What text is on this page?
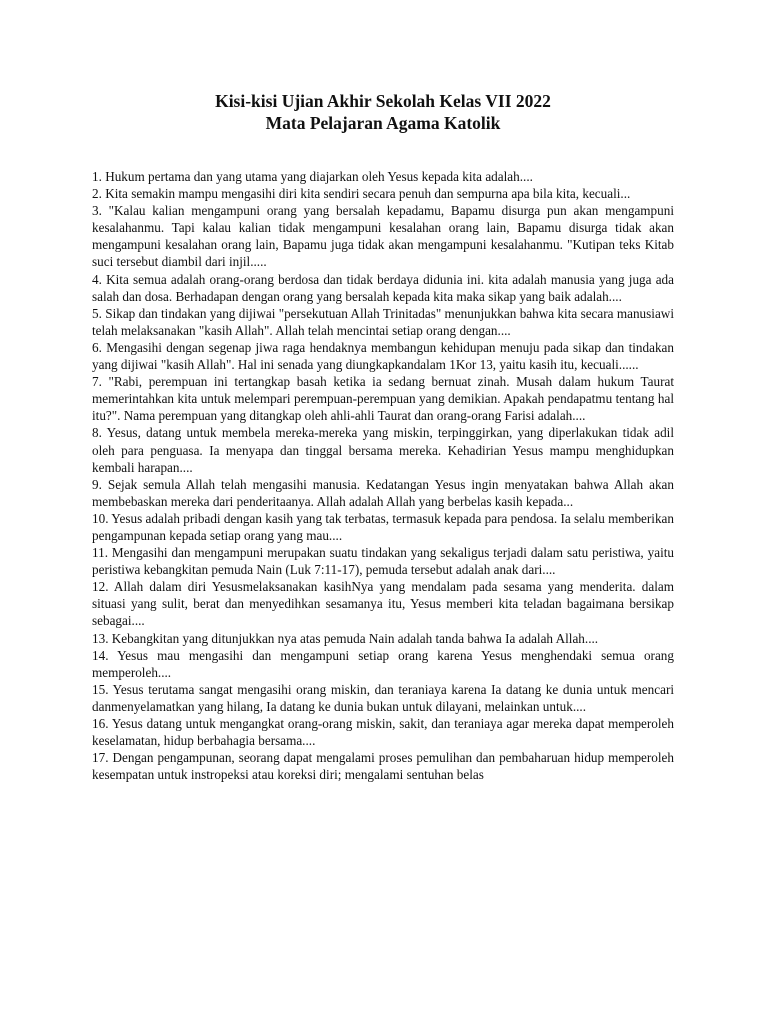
Kisi-kisi Ujian Akhir Sekolah Kelas VII 2022

Mata Pelajaran Agama Katolik

1. Hukum pertama dan yang utama yang diajarkan oleh Yesus kepada kita adalah....

2. Kita semakin mampu mengasihi diri kita sendiri secara penuh dan sempurna apa bila kita, kecuali...

3. "Kalau kalian mengampuni orang yang bersalah kepadamu, Bapamu disurga pun akan mengampuni kesalahanmu. Tapi kalau kalian tidak mengampuni kesalahan orang lain, Bapamu disurga tidak akan mengampuni kesalahan orang lain, Bapamu juga tidak akan mengampuni kesalahanmu. "Kutipan teks Kitab suci tersebut diambil dari injil.....

4. Kita semua adalah orang-orang berdosa dan tidak berdaya didunia ini. kita adalah manusia yang juga ada salah dan dosa. Berhadapan dengan orang yang bersalah kepada kita maka sikap yang baik adalah....

5. Sikap dan tindakan yang dijiwai "persekutuan Allah Trinitadas" menunjukkan bahwa kita secara manusiawi telah melaksanakan "kasih Allah". Allah telah mencintai setiap orang dengan....

6. Mengasihi dengan segenap jiwa raga hendaknya membangun kehidupan menuju pada sikap dan tindakan yang dijiwai "kasih Allah". Hal ini senada yang diungkapkandalam 1Kor 13, yaitu kasih itu, kecuali......

7. "Rabi, perempuan ini tertangkap basah ketika ia sedang bernuat zinah. Musah dalam hukum Taurat memerintahkan kita untuk melempari perempuan-perempuan yang demikian. Apakah pendapatmu tentang hal itu?". Nama perempuan yang ditangkap oleh ahli-ahli Taurat dan orang-orang Farisi adalah....

8. Yesus, datang untuk membela mereka-mereka yang miskin, terpinggirkan, yang diperlakukan tidak adil oleh para penguasa. Ia menyapa dan tinggal bersama mereka. Kehadirian Yesus mampu menghidupkan kembali harapan....

9. Sejak semula Allah telah mengasihi manusia. Kedatangan Yesus ingin menyatakan bahwa Allah akan membebaskan mereka dari penderitaanya. Allah adalah Allah yang berbelas kasih kepada...

10. Yesus adalah pribadi dengan kasih yang tak terbatas, termasuk kepada para pendosa. Ia selalu memberikan pengampunan kepada setiap orang yang mau....

11. Mengasihi dan mengampuni merupakan suatu tindakan yang sekaligus terjadi dalam satu peristiwa, yaitu peristiwa kebangkitan pemuda Nain (Luk 7:11-17), pemuda tersebut adalah anak dari....

12. Allah dalam diri Yesusmelaksanakan kasihNya yang mendalam pada sesama yang menderita. dalam situasi yang sulit, berat dan menyedihkan sesamanya itu, Yesus memberi kita teladan bagaimana bersikap sebagai....

13. Kebangkitan yang ditunjukkan nya atas pemuda Nain adalah tanda bahwa Ia adalah Allah....

14. Yesus mau mengasihi dan mengampuni setiap orang karena Yesus menghendaki semua orang memperoleh....

15. Yesus terutama sangat mengasihi orang miskin, dan teraniaya karena Ia datang ke dunia untuk mencari danmenyelamatkan yang hilang, Ia datang ke dunia bukan untuk dilayani, melainkan untuk....

16. Yesus datang untuk mengangkat orang-orang miskin, sakit, dan teraniaya agar mereka dapat memperoleh keselamatan, hidup berbahagia bersama....

17. Dengan pengampunan, seorang dapat mengalami proses pemulihan dan pembaharuan hidup memperoleh kesempatan untuk instropeksi atau koreksi diri; mengalami sentuhan belas
